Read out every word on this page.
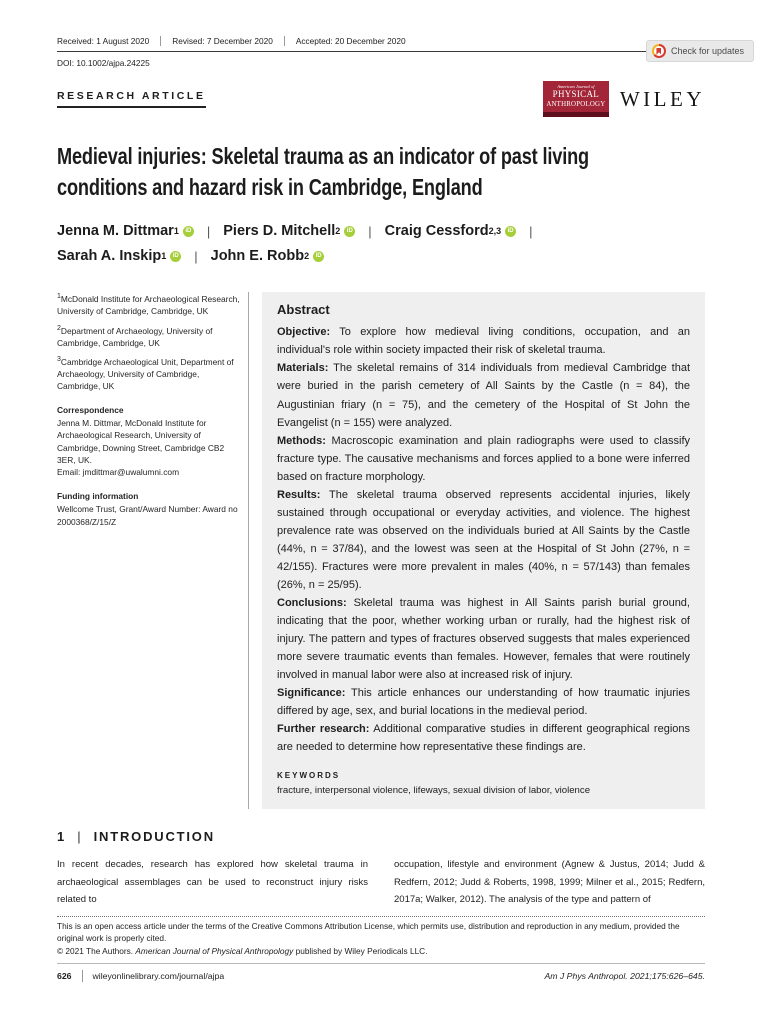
Check for updates
Received: 1 August 2020	Revised: 7 December 2020	Accepted: 20 December 2020
DOI: 10.1002/ajpa.24225
RESEARCH ARTICLE
American Journal of
PHYSICAL
ANTHROPOLOGY WILEY
Medieval injuries: Skeletal trauma as an indicator of past living
conditions and hazard risk in Cambridge, England
Jenna M. Dittmar 1	iD | Piers D. Mitchell 2	iD | Craig Cessford 2,3	iD |
Sarah A. Inskip 1	iD | John E. Robb 2	iD

$^1$McDonald Institute for Archaeological Research, University of Cambridge, Cambridge, UK

$^2$Department of Archaeology, University of Cambridge, Cambridge, UK

$^3$Cambridge Archaeological Unit, Department of Archaeology, University of Cambridge, Cambridge, UK

Correspondence

Jenna M. Dittmar, McDonald Institute for Archaeological Research, University of Cambridge, Downing Street, Cambridge CB2 3ER, UK.

Email: jmdittmar@uwalumni.com

Funding information

Wellcome Trust, Grant/Award Number: Award no 2000368/Z/15/Z

Abstract

Objective: To explore how medieval living conditions, occupation, and an individual's role within society impacted their risk of skeletal trauma.

Materials: The skeletal remains of 314 individuals from medieval Cambridge that were buried in the parish cemetery of All Saints by the Castle (n = 84), the Augustinian friary (n = 75), and the cemetery of the Hospital of St John the Evangelist (n = 155) were analyzed.

Methods: Macroscopic examination and plain radiographs were used to classify fracture type. The causative mechanisms and forces applied to a bone were inferred based on fracture morphology.

Results: The skeletal trauma observed represents accidental injuries, likely sustained through occupational or everyday activities, and violence. The highest prevalence rate was observed on the individuals buried at All Saints by the Castle (44%, n = 37/84), and the lowest was seen at the Hospital of St John (27%, n = 42/155). Fractures were more prevalent in males (40%, n = 57/143) than females (26%, n = 25/95).

Conclusions: Skeletal trauma was highest in All Saints parish burial ground, indicating that the poor, whether working urban or rurally, had the highest risk of injury. The pattern and types of fractures observed suggests that males experienced more severe traumatic events than females. However, females that were routinely involved in manual labor were also at increased risk of injury.

Significance: This article enhances our understanding of how traumatic injuries differed by age, sex, and burial locations in the medieval period.

Further research: Additional comparative studies in different geographical regions are needed to determine how representative these findings are.

KEYWORDS
fracture, interpersonal violence, lifeways, sexual division of labor, violence
1 | INTRODUCTION
In recent decades, research has explored how skeletal trauma in archaeological assemblages can be used to reconstruct injury risks related to
occupation, lifestyle and environment (Agnew & Justus, 2014; Judd & Redfern, 2012; Judd & Roberts, 1998, 1999; Milner et al., 2015; Redfern, 2017a; Walker, 2012). The analysis of the type and pattern of
This is an open access article under the terms of the Creative Commons Attribution License, which permits use, distribution and reproduction in any medium, provided the original work is properly cited.
© 2021 The Authors. American Journal of Physical Anthropology published by Wiley Periodicals LLC.
626 wileyonlinelibrary.com/journal/ajpa	Am J Phys Anthropol. 2021;175:626–645.
